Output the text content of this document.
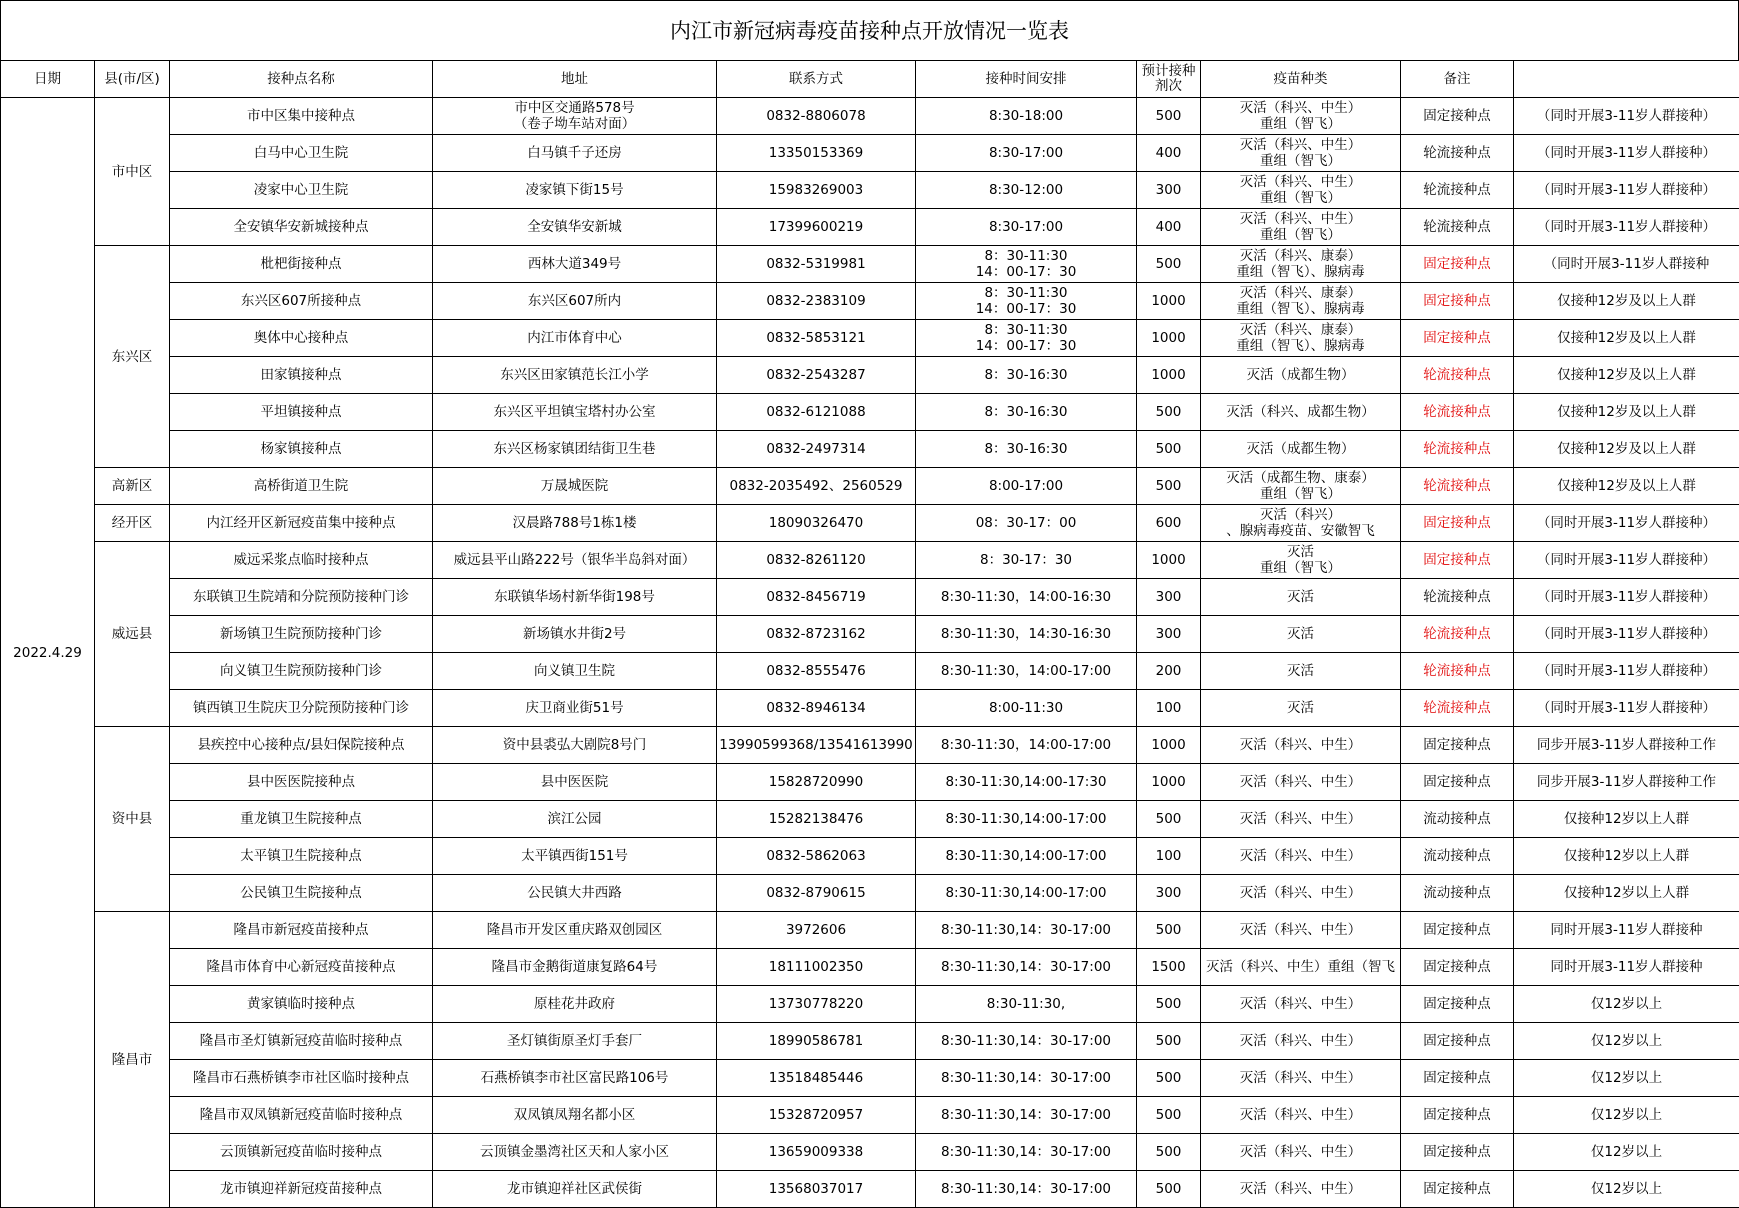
内江市新冠病毒疫苗接种点开放情况一览表
日期	县(市/区)	接种点名称	地址	联系方式	接种时间安排	预计接种剂次	疫苗种类	备注	
2022.4.29	市中区	市中区集中接种点	市中区交通路578号
（卷子坳车站对面）	0832-8806078	8:30-18:00	500	灭活（科兴、中生）
重组（智飞）	固定接种点	（同时开展3-11岁人群接种）
		白马中心卫生院	白马镇千子还房	13350153369	8:30-17:00	400	灭活（科兴、中生）
重组（智飞）	轮流接种点	（同时开展3-11岁人群接种）
		凌家中心卫生院	凌家镇下街15号	15983269003	8:30-12:00	300	灭活（科兴、中生）
重组（智飞）	轮流接种点	（同时开展3-11岁人群接种）
		全安镇华安新城接种点	全安镇华安新城	17399600219	8:30-17:00	400	灭活（科兴、中生）
重组（智飞）	轮流接种点	（同时开展3-11岁人群接种）
	东兴区	枇杷街接种点	西林大道349号	0832-5319981	8：30-11:30
14：00-17：30	500	灭活（科兴、康泰）
重组（智飞）、腺病毒	固定接种点	（同时开展3-11岁人群接种
		东兴区607所接种点	东兴区607所内	0832-2383109	8：30-11:30
14：00-17：30	1000	灭活（科兴、康泰）
重组（智飞）、腺病毒	固定接种点	仅接种12岁及以上人群
		奥体中心接种点	内江市体育中心	0832-5853121	8：30-11:30
14：00-17：30	1000	灭活（科兴、康泰）
重组（智飞）、腺病毒	固定接种点	仅接种12岁及以上人群
		田家镇接种点	东兴区田家镇范长江小学	0832-2543287	8：30-16:30	1000	灭活（成都生物）	轮流接种点	仅接种12岁及以上人群
		平坦镇接种点	东兴区平坦镇宝塔村办公室	0832-6121088	8：30-16:30	500	灭活（科兴、成都生物）	轮流接种点	仅接种12岁及以上人群
		杨家镇接种点	东兴区杨家镇团结街卫生巷	0832-2497314	8：30-16:30	500	灭活（成都生物）	轮流接种点	仅接种12岁及以上人群
	高新区	高桥街道卫生院	万晟城医院	0832-2035492、2560529	8:00-17:00	500	灭活（成都生物、康泰）
重组（智飞）	轮流接种点	仅接种12岁及以上人群
	经开区	内江经开区新冠疫苗集中接种点	汉晨路788号1栋1楼	18090326470	08：30-17：00	600	灭活（科兴）
、腺病毒疫苗、安徽智飞	固定接种点	（同时开展3-11岁人群接种）
	威远县	威远采浆点临时接种点	威远县平山路222号（银华半岛斜对面）	0832-8261120	8：30-17：30	1000	灭活
重组（智飞）	固定接种点	（同时开展3-11岁人群接种）
		东联镇卫生院靖和分院预防接种门诊	东联镇华场村新华街198号	0832-8456719	8:30-11:30，14:00-16:30	300	灭活	轮流接种点	（同时开展3-11岁人群接种）
		新场镇卫生院预防接种门诊	新场镇水井街2号	0832-8723162	8:30-11:30，14:30-16:30	300	灭活	轮流接种点	（同时开展3-11岁人群接种）
		向义镇卫生院预防接种门诊	向义镇卫生院	0832-8555476	8:30-11:30，14:00-17:00	200	灭活	轮流接种点	（同时开展3-11岁人群接种）
		镇西镇卫生院庆卫分院预防接种门诊	庆卫商业街51号	0832-8946134	8:00-11:30	100	灭活	轮流接种点	（同时开展3-11岁人群接种）
	资中县	县疾控中心接种点/县妇保院接种点	资中县裘弘大剧院8号门	13990599368/13541613990	8:30-11:30，14:00-17:00	1000	灭活（科兴、中生）	固定接种点	同步开展3-11岁人群接种工作
		县中医医院接种点	县中医医院	15828720990	8:30-11:30,14:00-17:30	1000	灭活（科兴、中生）	固定接种点	同步开展3-11岁人群接种工作
		重龙镇卫生院接种点	滨江公园	15282138476	8:30-11:30,14:00-17:00	500	灭活（科兴、中生）	流动接种点	仅接种12岁以上人群
		太平镇卫生院接种点	太平镇西街151号	0832-5862063	8:30-11:30,14:00-17:00	100	灭活（科兴、中生）	流动接种点	仅接种12岁以上人群
		公民镇卫生院接种点	公民镇大井西路	0832-8790615	8:30-11:30,14:00-17:00	300	灭活（科兴、中生）	流动接种点	仅接种12岁以上人群
	隆昌市	隆昌市新冠疫苗接种点	隆昌市开发区重庆路双创园区	3972606	8:30-11:30,14：30-17:00	500	灭活（科兴、中生）	固定接种点	同时开展3-11岁人群接种
		隆昌市体育中心新冠疫苗接种点	隆昌市金鹅街道康复路64号	18111002350	8:30-11:30,14：30-17:00	1500	灭活（科兴、中生）重组（智飞	固定接种点	同时开展3-11岁人群接种
		黄家镇临时接种点	原桂花井政府	13730778220	8:30-11:30,	500	灭活（科兴、中生）	固定接种点	仅12岁以上
		隆昌市圣灯镇新冠疫苗临时接种点	圣灯镇街原圣灯手套厂	18990586781	8:30-11:30,14：30-17:00	500	灭活（科兴、中生）	固定接种点	仅12岁以上
		隆昌市石燕桥镇李市社区临时接种点	石燕桥镇李市社区富民路106号	13518485446	8:30-11:30,14：30-17:00	500	灭活（科兴、中生）	固定接种点	仅12岁以上
		隆昌市双凤镇新冠疫苗临时接种点	双凤镇凤翔名都小区	15328720957	8:30-11:30,14：30-17:00	500	灭活（科兴、中生）	固定接种点	仅12岁以上
		云顶镇新冠疫苗临时接种点	云顶镇金墨湾社区天和人家小区	13659009338	8:30-11:30,14：30-17:00	500	灭活（科兴、中生）	固定接种点	仅12岁以上
		龙市镇迎祥新冠疫苗接种点	龙市镇迎祥社区武侯街	13568037017	8:30-11:30,14：30-17:00	500	灭活（科兴、中生）	固定接种点	仅12岁以上
